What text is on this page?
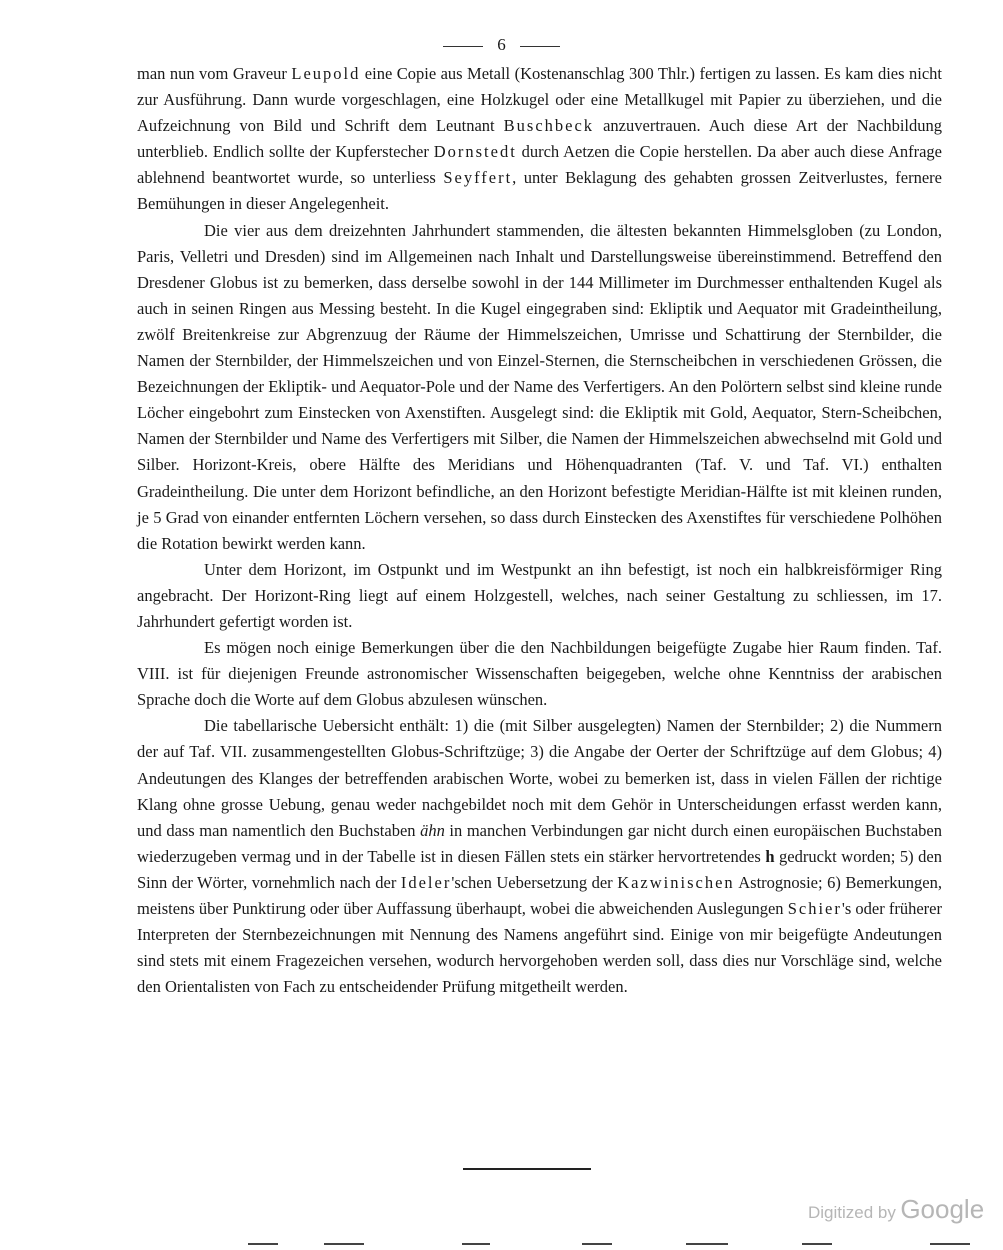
6

man nun vom Graveur Leupold eine Copie aus Metall (Kostenanschlag 300 Thlr.) fertigen zu lassen. Es kam dies nicht zur Ausführung. Dann wurde vorgeschlagen, eine Holzkugel oder eine Metallkugel mit Papier zu überziehen, und die Aufzeichnung von Bild und Schrift dem Leutnant Buschbeck anzuvertrauen. Auch diese Art der Nachbildung unterblieb. Endlich sollte der Kupferstecher Dornstedt durch Aetzen die Copie herstellen. Da aber auch diese Anfrage ablehnend beantwortet wurde, so unterliess Seyffert, unter Beklagung des gehabten grossen Zeitverlustes, fernere Bemühungen in dieser Angelegenheit.

Die vier aus dem dreizehnten Jahrhundert stammenden, die ältesten bekannten Himmelsgloben (zu London, Paris, Velletri und Dresden) sind im Allgemeinen nach Inhalt und Darstellungsweise übereinstimmend. Betreffend den Dresdener Globus ist zu bemerken, dass derselbe sowohl in der 144 Millimeter im Durchmesser enthaltenden Kugel als auch in seinen Ringen aus Messing besteht. In die Kugel eingegraben sind: Ekliptik und Aequator mit Gradeintheilung, zwölf Breitenkreise zur Abgrenzuug der Räume der Himmelszeichen, Umrisse und Schattirung der Sternbilder, die Namen der Sternbilder, der Himmelszeichen und von Einzel-Sternen, die Sternscheibchen in verschiedenen Grössen, die Bezeichnungen der Ekliptik- und Aequator-Pole und der Name des Verfertigers. An den Polörtern selbst sind kleine runde Löcher eingebohrt zum Einstecken von Axenstiften. Ausgelegt sind: die Ekliptik mit Gold, Aequator, Stern-Scheibchen, Namen der Sternbilder und Name des Verfertigers mit Silber, die Namen der Himmelszeichen abwechselnd mit Gold und Silber. Horizont-Kreis, obere Hälfte des Meridians und Höhenquadranten (Taf. V. und Taf. VI.) enthalten Gradeintheilung. Die unter dem Horizont befindliche, an den Horizont befestigte Meridian-Hälfte ist mit kleinen runden, je 5 Grad von einander entfernten Löchern versehen, so dass durch Einstecken des Axenstiftes für verschiedene Polhöhen die Rotation bewirkt werden kann.

Unter dem Horizont, im Ostpunkt und im Westpunkt an ihn befestigt, ist noch ein halbkreisförmiger Ring angebracht. Der Horizont-Ring liegt auf einem Holzgestell, welches, nach seiner Gestaltung zu schliessen, im 17. Jahrhundert gefertigt worden ist.

Es mögen noch einige Bemerkungen über die den Nachbildungen beigefügte Zugabe hier Raum finden. Taf. VIII. ist für diejenigen Freunde astronomischer Wissenschaften beigegeben, welche ohne Kenntniss der arabischen Sprache doch die Worte auf dem Globus abzulesen wünschen.

Die tabellarische Uebersicht enthält: 1) die (mit Silber ausgelegten) Namen der Sternbilder; 2) die Nummern der auf Taf. VII. zusammengestellten Globus-Schriftzüge; 3) die Angabe der Oerter der Schriftzüge auf dem Globus; 4) Andeutungen des Klanges der betreffenden arabischen Worte, wobei zu bemerken ist, dass in vielen Fällen der richtige Klang ohne grosse Uebung, genau weder nachgebildet noch mit dem Gehör in Unterscheidungen erfasst werden kann, und dass man namentlich den Buchstaben ähn in manchen Verbindungen gar nicht durch einen europäischen Buchstaben wiederzugeben vermag und in der Tabelle ist in diesen Fällen stets ein stärker hervortretendes h gedruckt worden; 5) den Sinn der Wörter, vornehmlich nach der Ideler'schen Uebersetzung der Kazwinischen Astrognosie; 6) Bemerkungen, meistens über Punktirung oder über Auffassung überhaupt, wobei die abweichenden Auslegungen Schier's oder früherer Interpreten der Sternbezeichnungen mit Nennung des Namens angeführt sind. Einige von mir beigefügte Andeutungen sind stets mit einem Fragezeichen versehen, wodurch hervorgehoben werden soll, dass dies nur Vorschläge sind, welche den Orientalisten von Fach zu entscheidender Prüfung mitgetheilt werden.

Digitized by Google
